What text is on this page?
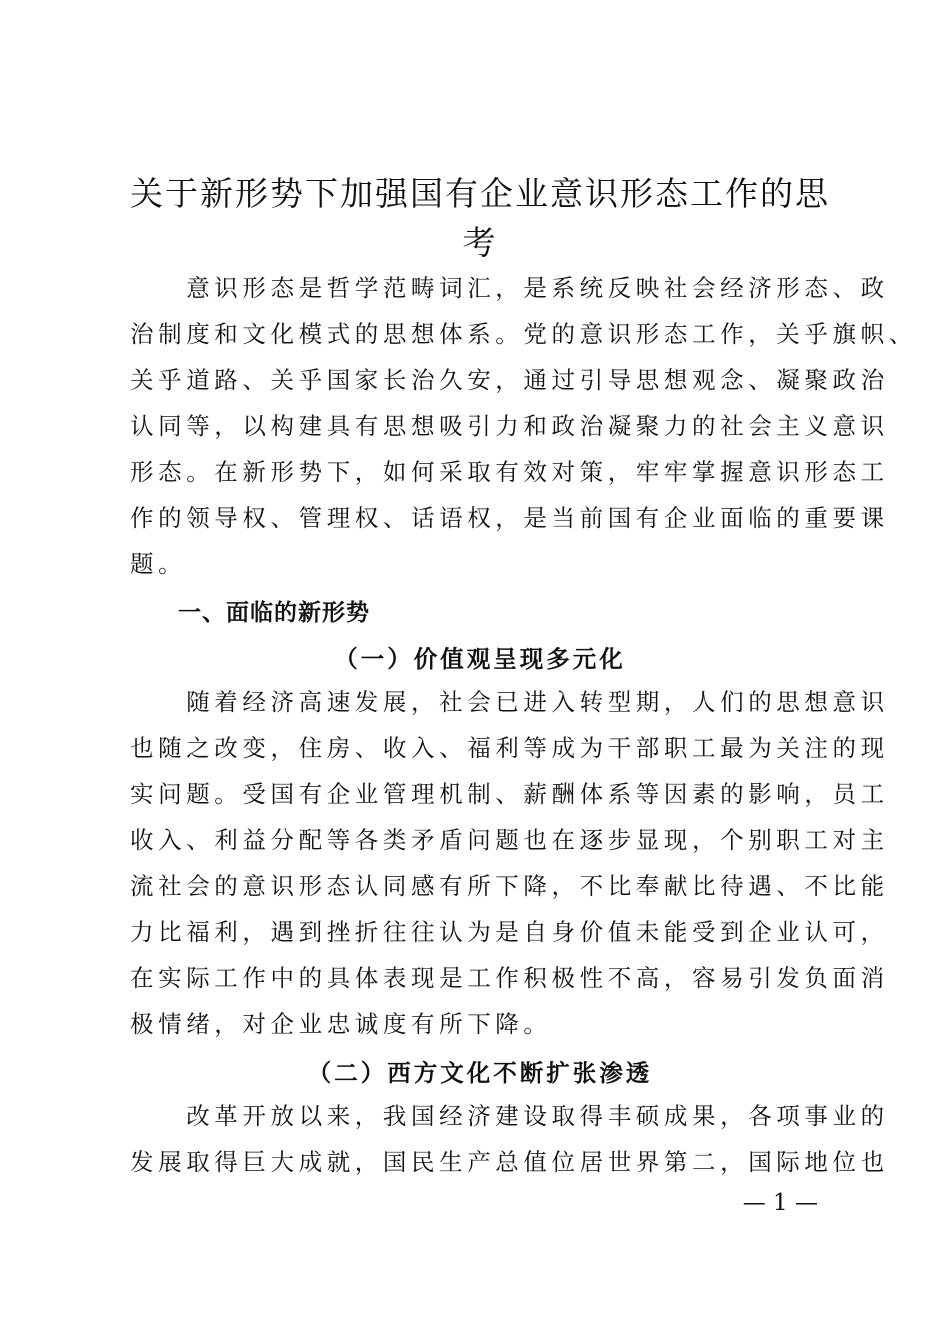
关于新形势下加强国有企业意识形态工作的思
考

　　意识形态是哲学范畴词汇，是系统反映社会经济形态、政

治制度和文化模式的思想体系。党的意识形态工作，关乎旗帜、

关乎道路、关乎国家长治久安，通过引导思想观念、凝聚政治

认同等，以构建具有思想吸引力和政治凝聚力的社会主义意识

形态。在新形势下，如何采取有效对策，牢牢掌握意识形态工

作的领导权、管理权、话语权，是当前国有企业面临的重要课

题。

一、面临的新形势
（一）价值观呈现多元化

　　随着经济高速发展，社会已进入转型期，人们的思想意识

也随之改变，住房、收入、福利等成为干部职工最为关注的现

实问题。受国有企业管理机制、薪酬体系等因素的影响，员工

收入、利益分配等各类矛盾问题也在逐步显现，个别职工对主

流社会的意识形态认同感有所下降，不比奉献比待遇、不比能

力比福利，遇到挫折往往认为是自身价值未能受到企业认可，

在实际工作中的具体表现是工作积极性不高，容易引发负面消

极情绪，对企业忠诚度有所下降。

（二）西方文化不断扩张渗透

　　改革开放以来，我国经济建设取得丰硕成果，各项事业的

发展取得巨大成就，国民生产总值位居世界第二，国际地位也

— 1 —
